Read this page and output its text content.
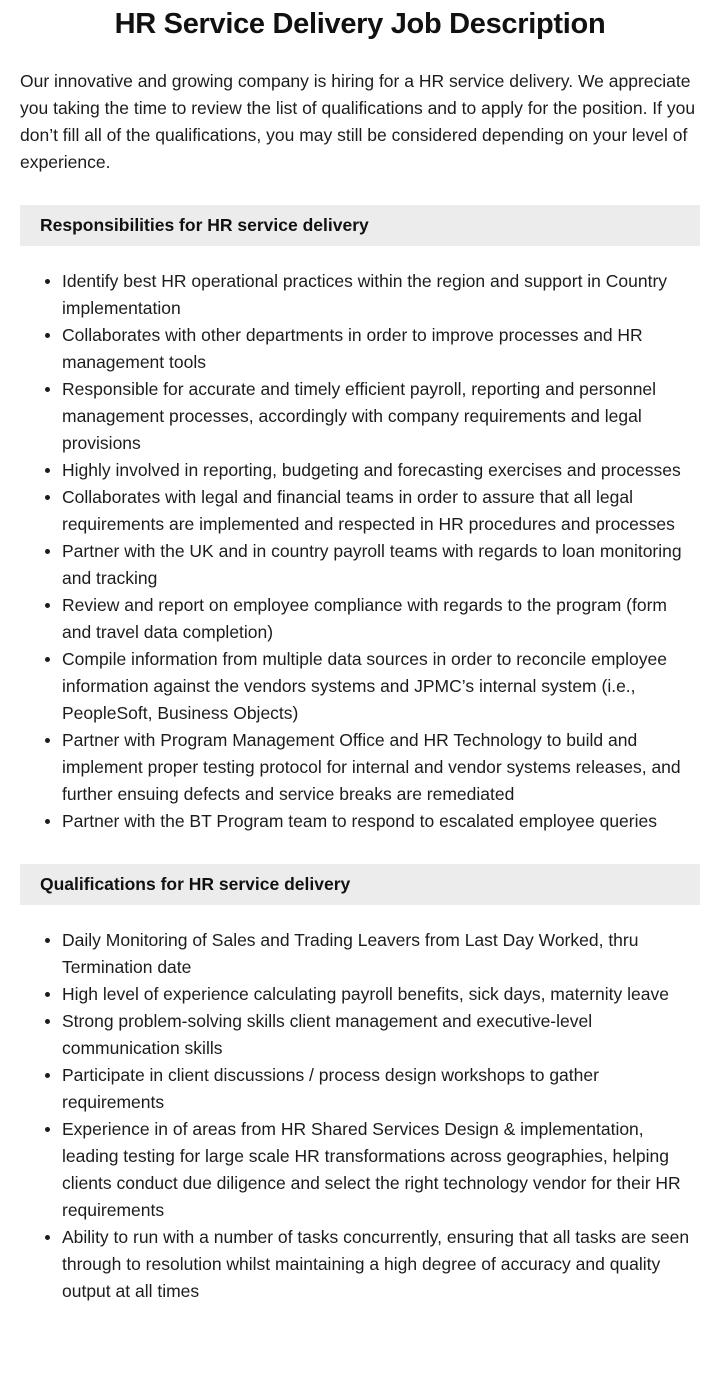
HR Service Delivery Job Description

Our innovative and growing company is hiring for a HR service delivery. We appreciate you taking the time to review the list of qualifications and to apply for the position. If you don’t fill all of the qualifications, you may still be considered depending on your level of experience.

Responsibilities for HR service delivery
Identify best HR operational practices within the region and support in Country implementation
Collaborates with other departments in order to improve processes and HR management tools
Responsible for accurate and timely efficient payroll, reporting and personnel management processes, accordingly with company requirements and legal provisions
Highly involved in reporting, budgeting and forecasting exercises and processes
Collaborates with legal and financial teams in order to assure that all legal requirements are implemented and respected in HR procedures and processes
Partner with the UK and in country payroll teams with regards to loan monitoring and tracking
Review and report on employee compliance with regards to the program (form and travel data completion)
Compile information from multiple data sources in order to reconcile employee information against the vendors systems and JPMC’s internal system (i.e., PeopleSoft, Business Objects)
Partner with Program Management Office and HR Technology to build and implement proper testing protocol for internal and vendor systems releases, and further ensuing defects and service breaks are remediated
Partner with the BT Program team to respond to escalated employee queries
Qualifications for HR service delivery
Daily Monitoring of Sales and Trading Leavers from Last Day Worked, thru Termination date
High level of experience calculating payroll benefits, sick days, maternity leave
Strong problem-solving skills client management and executive-level communication skills
Participate in client discussions / process design workshops to gather requirements
Experience in of areas from HR Shared Services Design & implementation, leading testing for large scale HR transformations across geographies, helping clients conduct due diligence and select the right technology vendor for their HR requirements
Ability to run with a number of tasks concurrently, ensuring that all tasks are seen through to resolution whilst maintaining a high degree of accuracy and quality output at all times
